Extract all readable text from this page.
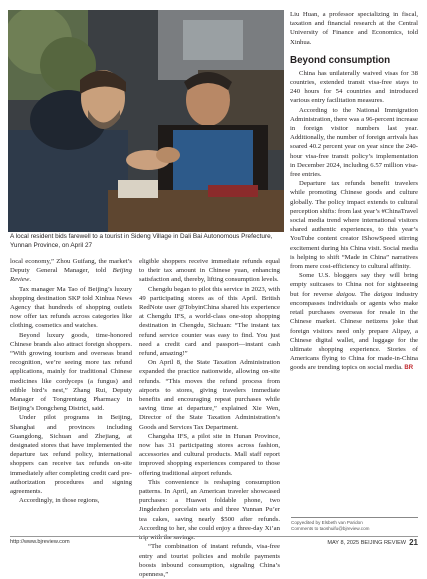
A local resident bids farewell to a tourist in Sideng Village in Dali Bai Autonomous Prefecture, Yunnan Province, on April 27

local economy,” Zhou Guifang, the market’s Deputy General Manager, told Beijing Review.

Tax manager Ma Tao of Beijing’s luxury shopping destination SKP told Xinhua News Agency that hundreds of shopping outlets now offer tax refunds across categories like clothing, cosmetics and watches.

Beyond luxury goods, time-honored Chinese brands also attract foreign shoppers. “With growing tourism and overseas brand recognition, we’re seeing more tax refund applications, mainly for traditional Chinese medicines like cordyceps (a fungus) and edible bird’s nest,” Zhang Rui, Deputy Manager of Tongrentang Pharmacy in Beijing’s Dongcheng District, said.

Under pilot programs in Beijing, Shanghai and provinces including Guangdong, Sichuan and Zhejiang, at designated stores that have implemented the departure tax refund policy, international shoppers can receive tax refunds on-site immediately after completing credit card pre-authorization procedures and signing agreements.

Accordingly, in those regions,

eligible shoppers receive immediate refunds equal to their tax amount in Chinese yuan, enhancing satisfaction and, thereby, lifting consumption levels.

Chengdu began to pilot this service in 2023, with 49 participating stores as of this April. British RedNote user @TobyinChina shared his experience at Chengdu IFS, a world-class one-stop shopping destination in Chengdu, Sichuan: “The instant tax refund service counter was easy to find. You just need a credit card and passport—instant cash refund, amazing!”

On April 8, the State Taxation Administration expanded the practice nationwide, allowing on-site refunds. “This moves the refund process from airports to stores, giving travelers immediate benefits and encouraging repeat purchases while saving time at departure,” explained Xie Wen, Director of the State Taxation Administration’s Goods and Services Tax Department.

Changsha IFS, a pilot site in Hunan Province, now has 31 participating stores across fashion, accessories and cultural products. Mall staff report improved shopping experiences compared to those offering traditional airport refunds.

This convenience is reshaping consumption patterns. In April, an American traveler showcased purchases: a Huawei foldable phone, two Jingdezhen porcelain sets and three Yunnan Pu’er tea cakes, saving nearly $500 after refunds. According to her, she could enjoy a three-day Xi’an trip with the savings.

“The combination of instant refunds, visa-free entry and tourist policies and mobile payments boosts inbound consumption, signaling China’s openness,”

Liu Huan, a professor specializing in fiscal, taxation and financial research at the Central University of Finance and Economics, told Xinhua.

Beyond consumption

China has unilaterally waived visas for 38 countries, extended transit visa-free stays to 240 hours for 54 countries and introduced various entry facilitation measures.

According to the National Immigration Administration, there was a 96-percent increase in foreign visitor numbers last year. Additionally, the number of foreign arrivals has soared 40.2 percent year on year since the 240-hour visa-free transit policy’s implementation in December 2024, including 6.57 million visa-free entries.

Departure tax refunds benefit travelers while promoting Chinese goods and culture globally. The policy impact extends to cultural perception shifts: from last year’s #ChinaTravel social media trend where international visitors shared authentic experiences, to this year’s YouTube content creator IShowSpeed stirring excitement during his China visit. Social media is helping to shift “Made in China” narratives from mere cost-efficiency to cultural affinity.

Some U.S. bloggers say they will bring empty suitcases to China not for sightseeing but for reverse daigou. The daigou industry encompasses individuals or agents who make retail purchases overseas for resale in the Chinese market. Chinese netizens joke that foreign visitors need only prepare Alipay, a Chinese digital wallet, and luggage for the ultimate shopping experience. Stories of Americans flying to China for made-in-China goods are trending topics on social media. BR

Copyedited by Elsbeth van Paridon
Comments to taoshuifu@bjreview.com
http://www.bjreview.com	MAY 8, 2025 BEIJING REVIEW 21
